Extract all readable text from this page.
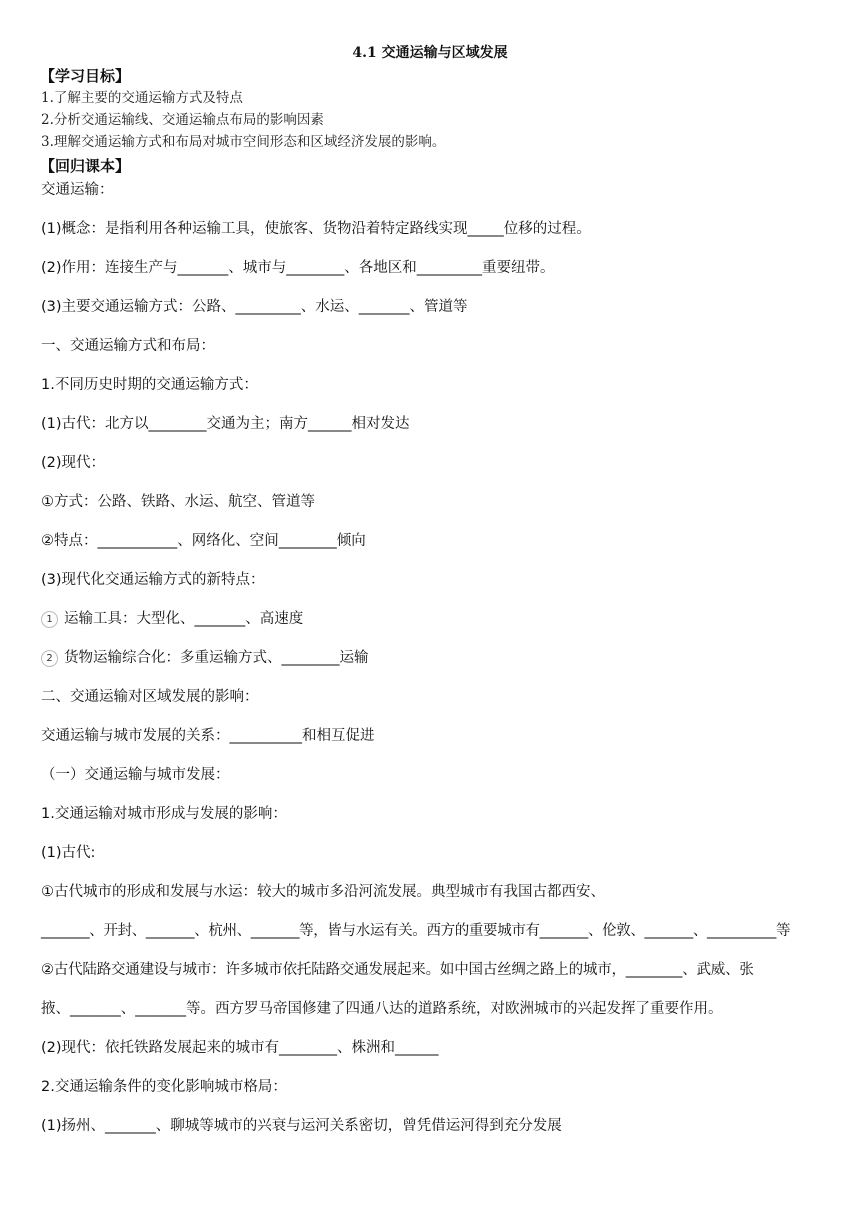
4.1 交通运输与区域发展
【学习目标】
1.了解主要的交通运输方式及特点
2.分析交通运输线、交通运输点布局的影响因素
3.理解交通运输方式和布局对城市空间形态和区域经济发展的影响。
【回归课本】
交通运输：
(1)概念：是指利用各种运输工具，使旅客、货物沿着特定路线实现_____位移的过程。
(2)作用：连接生产与_______、城市与________、各地区和_________重要纽带。
(3)主要交通运输方式：公路、_________、水运、_______、管道等
一、交通运输方式和布局：
1.不同历史时期的交通运输方式：
(1)古代：北方以________交通为主；南方______相对发达
(2)现代：
①方式：公路、铁路、水运、航空、管道等
②特点：___________、网络化、空间________倾向
(3)现代化交通运输方式的新特点：
1 运输工具：大型化、_______、高速度
2 货物运输综合化：多重运输方式、________运输
二、交通运输对区域发展的影响：
交通运输与城市发展的关系：__________和相互促进
（一）交通运输与城市发展：
1.交通运输对城市形成与发展的影响：
(1)古代:
①古代城市的形成和发展与水运：较大的城市多沿河流发展。典型城市有我国古都西安、
_______、开封、_______、杭州、_______等，皆与水运有关。西方的重要城市有_______、伦敦、_______、__________等
②古代陆路交通建设与城市：许多城市依托陆路交通发展起来。如中国古丝绸之路上的城市，________、武威、张
掖、_______、_______等。西方罗马帝国修建了四通八达的道路系统，对欧洲城市的兴起发挥了重要作用。
(2)现代：依托铁路发展起来的城市有________、株洲和______
2.交通运输条件的变化影响城市格局：
(1)扬州、_______、聊城等城市的兴衰与运河关系密切，曾凭借运河得到充分发展
